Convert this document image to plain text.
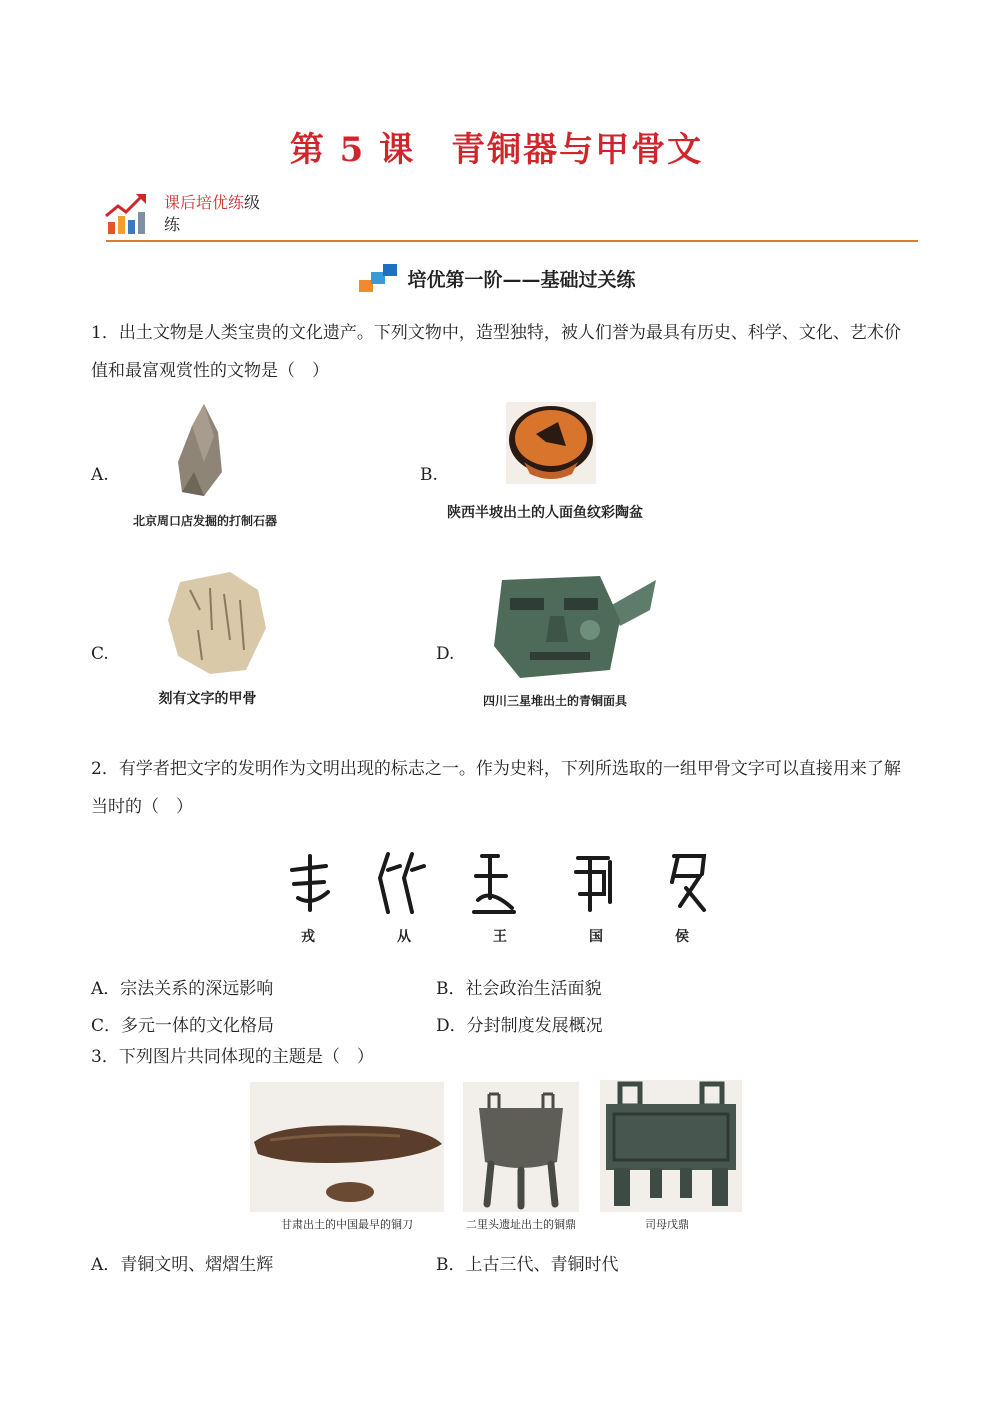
第 5 课　青铜器与甲骨文
课后培优练级练
培优第一阶——基础过关练
1．出土文物是人类宝贵的文化遗产。下列文物中，造型独特，被人们誉为最具有历史、科学、文化、艺术价值和最富观赏性的文物是（　）
A.
北京周口店发掘的打制石器
B.
陕西半坡出土的人面鱼纹彩陶盆
C.
刻有文字的甲骨
D.
四川三星堆出土的青铜面具
2．有学者把文字的发明作为文明出现的标志之一。作为史料，下列所选取的一组甲骨文字可以直接用来了解当时的（　）
戎	从	王	国	侯
A．宗法关系的深远影响	B．社会政治生活面貌
C．多元一体的文化格局	D．分封制度发展概况
3．下列图片共同体现的主题是（　）
甘肃出土的中国最早的铜刀	二里头遗址出土的铜鼎	司母戊鼎
A．青铜文明、熠熠生辉	B．上古三代、青铜时代
